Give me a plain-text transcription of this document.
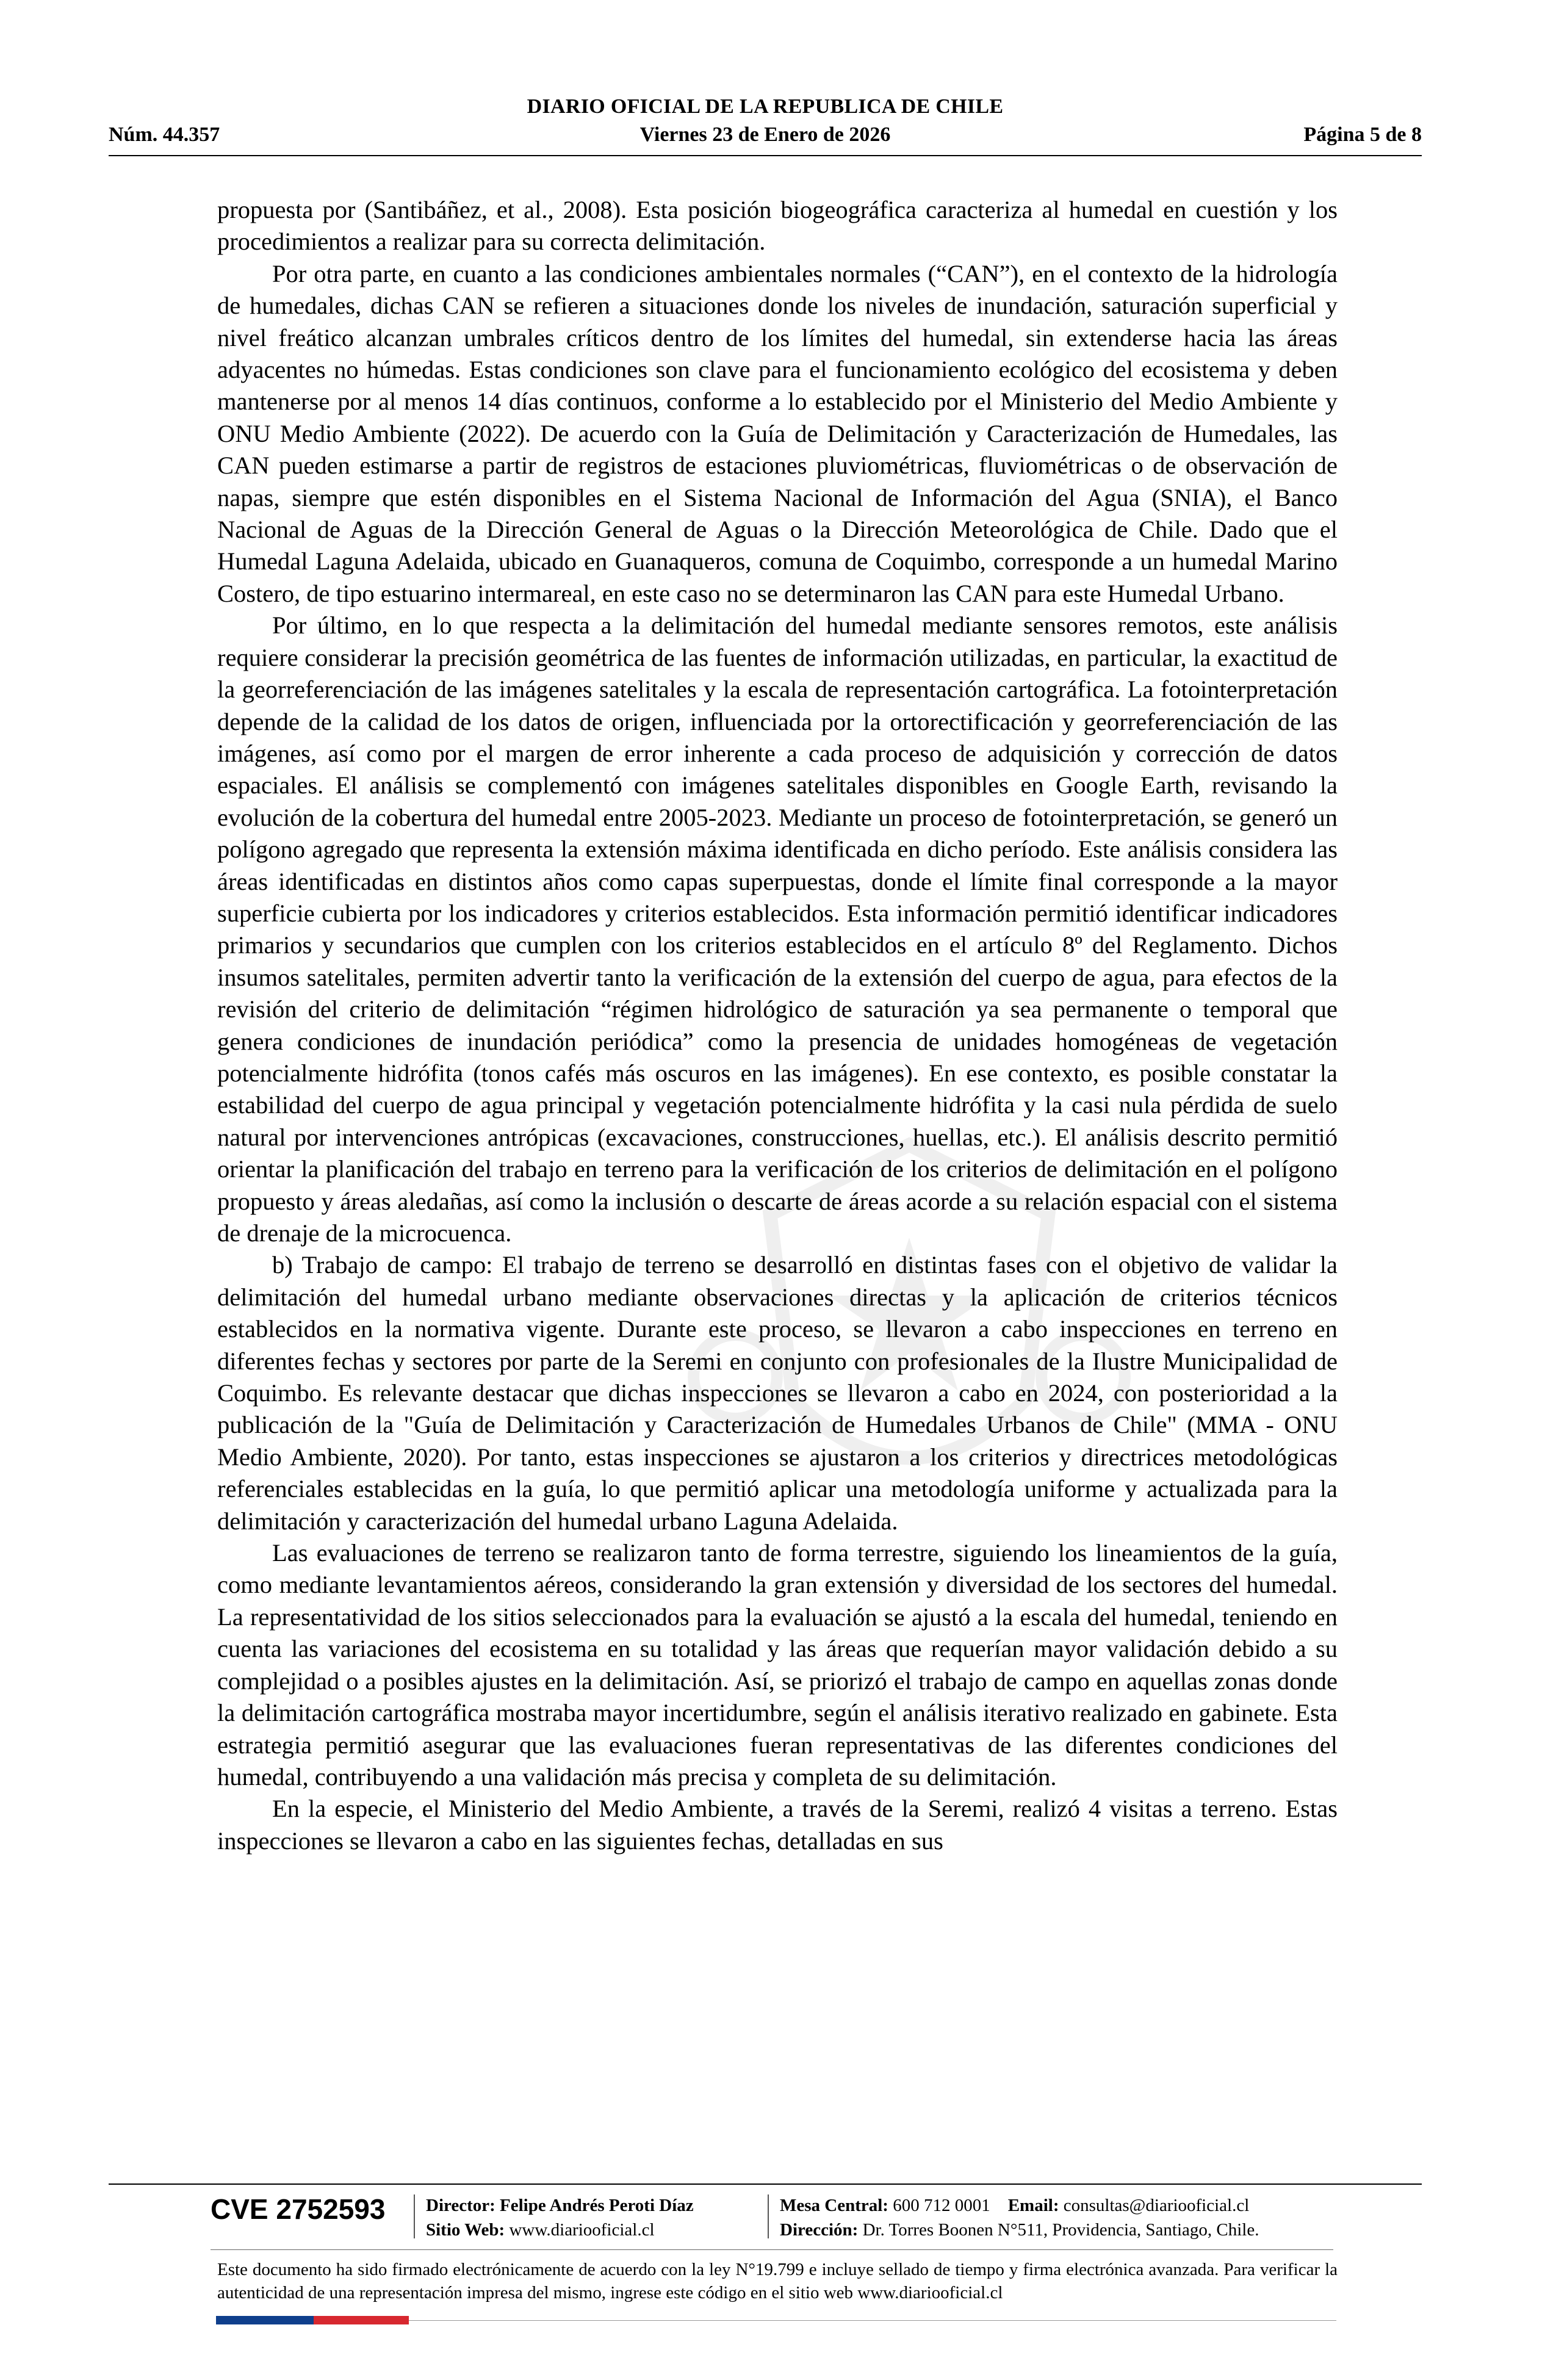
DIARIO OFICIAL DE LA REPUBLICA DE CHILE
Núm. 44.357	Viernes 23 de Enero de 2026	Página 5 de 8

propuesta por (Santibáñez, et al., 2008). Esta posición biogeográfica caracteriza al humedal en cuestión y los procedimientos a realizar para su correcta delimitación.

Por otra parte, en cuanto a las condiciones ambientales normales (“CAN”), en el contexto de la hidrología de humedales, dichas CAN se refieren a situaciones donde los niveles de inundación, saturación superficial y nivel freático alcanzan umbrales críticos dentro de los límites del humedal, sin extenderse hacia las áreas adyacentes no húmedas. Estas condiciones son clave para el funcionamiento ecológico del ecosistema y deben mantenerse por al menos 14 días continuos, conforme a lo establecido por el Ministerio del Medio Ambiente y ONU Medio Ambiente (2022). De acuerdo con la Guía de Delimitación y Caracterización de Humedales, las CAN pueden estimarse a partir de registros de estaciones pluviométricas, fluviométricas o de observación de napas, siempre que estén disponibles en el Sistema Nacional de Información del Agua (SNIA), el Banco Nacional de Aguas de la Dirección General de Aguas o la Dirección Meteorológica de Chile. Dado que el Humedal Laguna Adelaida, ubicado en Guanaqueros, comuna de Coquimbo, corresponde a un humedal Marino Costero, de tipo estuarino intermareal, en este caso no se determinaron las CAN para este Humedal Urbano.

Por último, en lo que respecta a la delimitación del humedal mediante sensores remotos, este análisis requiere considerar la precisión geométrica de las fuentes de información utilizadas, en particular, la exactitud de la georreferenciación de las imágenes satelitales y la escala de representación cartográfica. La fotointerpretación depende de la calidad de los datos de origen, influenciada por la ortorectificación y georreferenciación de las imágenes, así como por el margen de error inherente a cada proceso de adquisición y corrección de datos espaciales. El análisis se complementó con imágenes satelitales disponibles en Google Earth, revisando la evolución de la cobertura del humedal entre 2005-2023. Mediante un proceso de fotointerpretación, se generó un polígono agregado que representa la extensión máxima identificada en dicho período. Este análisis considera las áreas identificadas en distintos años como capas superpuestas, donde el límite final corresponde a la mayor superficie cubierta por los indicadores y criterios establecidos. Esta información permitió identificar indicadores primarios y secundarios que cumplen con los criterios establecidos en el artículo 8º del Reglamento. Dichos insumos satelitales, permiten advertir tanto la verificación de la extensión del cuerpo de agua, para efectos de la revisión del criterio de delimitación “régimen hidrológico de saturación ya sea permanente o temporal que genera condiciones de inundación periódica” como la presencia de unidades homogéneas de vegetación potencialmente hidrófita (tonos cafés más oscuros en las imágenes). En ese contexto, es posible constatar la estabilidad del cuerpo de agua principal y vegetación potencialmente hidrófita y la casi nula pérdida de suelo natural por intervenciones antrópicas (excavaciones, construcciones, huellas, etc.). El análisis descrito permitió orientar la planificación del trabajo en terreno para la verificación de los criterios de delimitación en el polígono propuesto y áreas aledañas, así como la inclusión o descarte de áreas acorde a su relación espacial con el sistema de drenaje de la microcuenca.

b) Trabajo de campo: El trabajo de terreno se desarrolló en distintas fases con el objetivo de validar la delimitación del humedal urbano mediante observaciones directas y la aplicación de criterios técnicos establecidos en la normativa vigente. Durante este proceso, se llevaron a cabo inspecciones en terreno en diferentes fechas y sectores por parte de la Seremi en conjunto con profesionales de la Ilustre Municipalidad de Coquimbo. Es relevante destacar que dichas inspecciones se llevaron a cabo en 2024, con posterioridad a la publicación de la "Guía de Delimitación y Caracterización de Humedales Urbanos de Chile" (MMA - ONU Medio Ambiente, 2020). Por tanto, estas inspecciones se ajustaron a los criterios y directrices metodológicas referenciales establecidas en la guía, lo que permitió aplicar una metodología uniforme y actualizada para la delimitación y caracterización del humedal urbano Laguna Adelaida.

Las evaluaciones de terreno se realizaron tanto de forma terrestre, siguiendo los lineamientos de la guía, como mediante levantamientos aéreos, considerando la gran extensión y diversidad de los sectores del humedal. La representatividad de los sitios seleccionados para la evaluación se ajustó a la escala del humedal, teniendo en cuenta las variaciones del ecosistema en su totalidad y las áreas que requerían mayor validación debido a su complejidad o a posibles ajustes en la delimitación. Así, se priorizó el trabajo de campo en aquellas zonas donde la delimitación cartográfica mostraba mayor incertidumbre, según el análisis iterativo realizado en gabinete. Esta estrategia permitió asegurar que las evaluaciones fueran representativas de las diferentes condiciones del humedal, contribuyendo a una validación más precisa y completa de su delimitación.

En la especie, el Ministerio del Medio Ambiente, a través de la Seremi, realizó 4 visitas a terreno. Estas inspecciones se llevaron a cabo en las siguientes fechas, detalladas en sus

CVE 2752593 Director: Felipe Andrés Peroti Díaz
Sitio Web: www.diariooficial.cl
Mesa Central: 600 712 0001 Email: consultas@diariooficial.cl
Dirección: Dr. Torres Boonen N°511, Providencia, Santiago, Chile.
Este documento ha sido firmado electrónicamente de acuerdo con la ley N°19.799 e incluye sellado de tiempo y firma electrónica avanzada. Para verificar la autenticidad de una representación impresa del mismo, ingrese este código en el sitio web www.diariooficial.cl
